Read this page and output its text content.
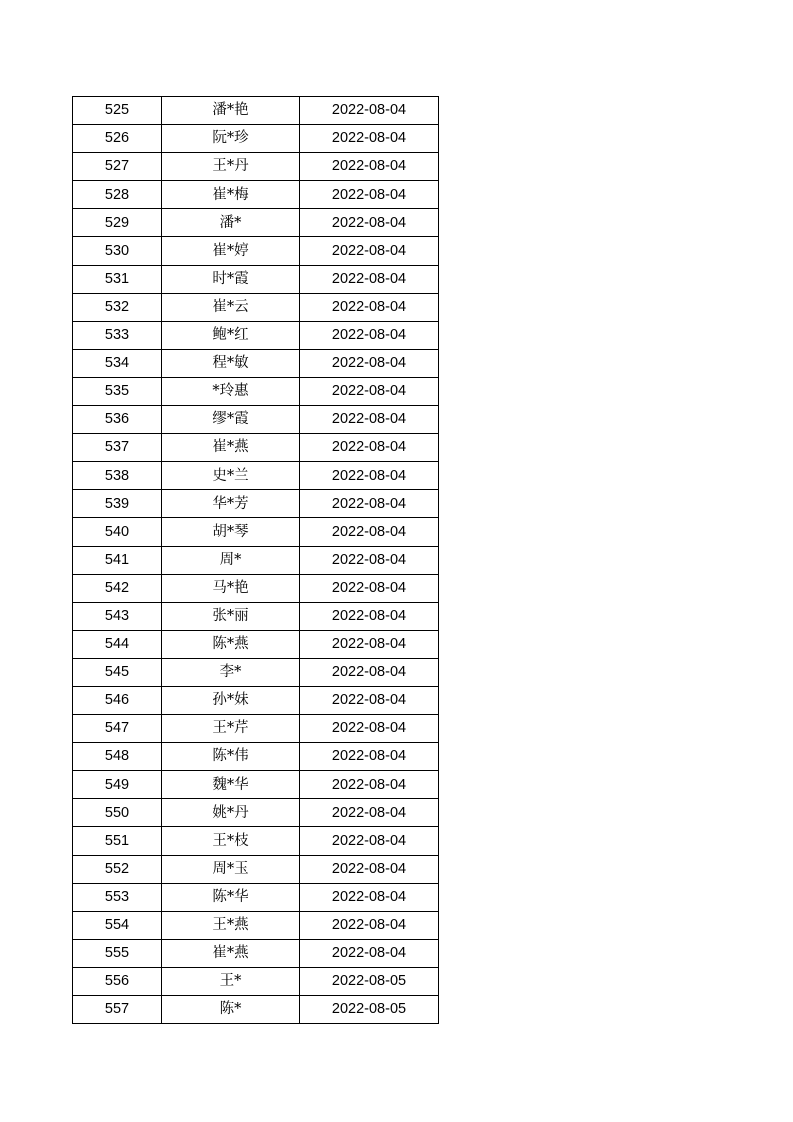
525	潘*艳	2022-08-04
526	阮*珍	2022-08-04
527	王*丹	2022-08-04
528	崔*梅	2022-08-04
529	潘*	2022-08-04
530	崔*婷	2022-08-04
531	时*霞	2022-08-04
532	崔*云	2022-08-04
533	鲍*红	2022-08-04
534	程*敏	2022-08-04
535	*玲惠	2022-08-04
536	缪*霞	2022-08-04
537	崔*燕	2022-08-04
538	史*兰	2022-08-04
539	华*芳	2022-08-04
540	胡*琴	2022-08-04
541	周*	2022-08-04
542	马*艳	2022-08-04
543	张*丽	2022-08-04
544	陈*燕	2022-08-04
545	李*	2022-08-04
546	孙*妹	2022-08-04
547	王*芹	2022-08-04
548	陈*伟	2022-08-04
549	魏*华	2022-08-04
550	姚*丹	2022-08-04
551	王*枝	2022-08-04
552	周*玉	2022-08-04
553	陈*华	2022-08-04
554	王*燕	2022-08-04
555	崔*燕	2022-08-04
556	王*	2022-08-05
557	陈*	2022-08-05
